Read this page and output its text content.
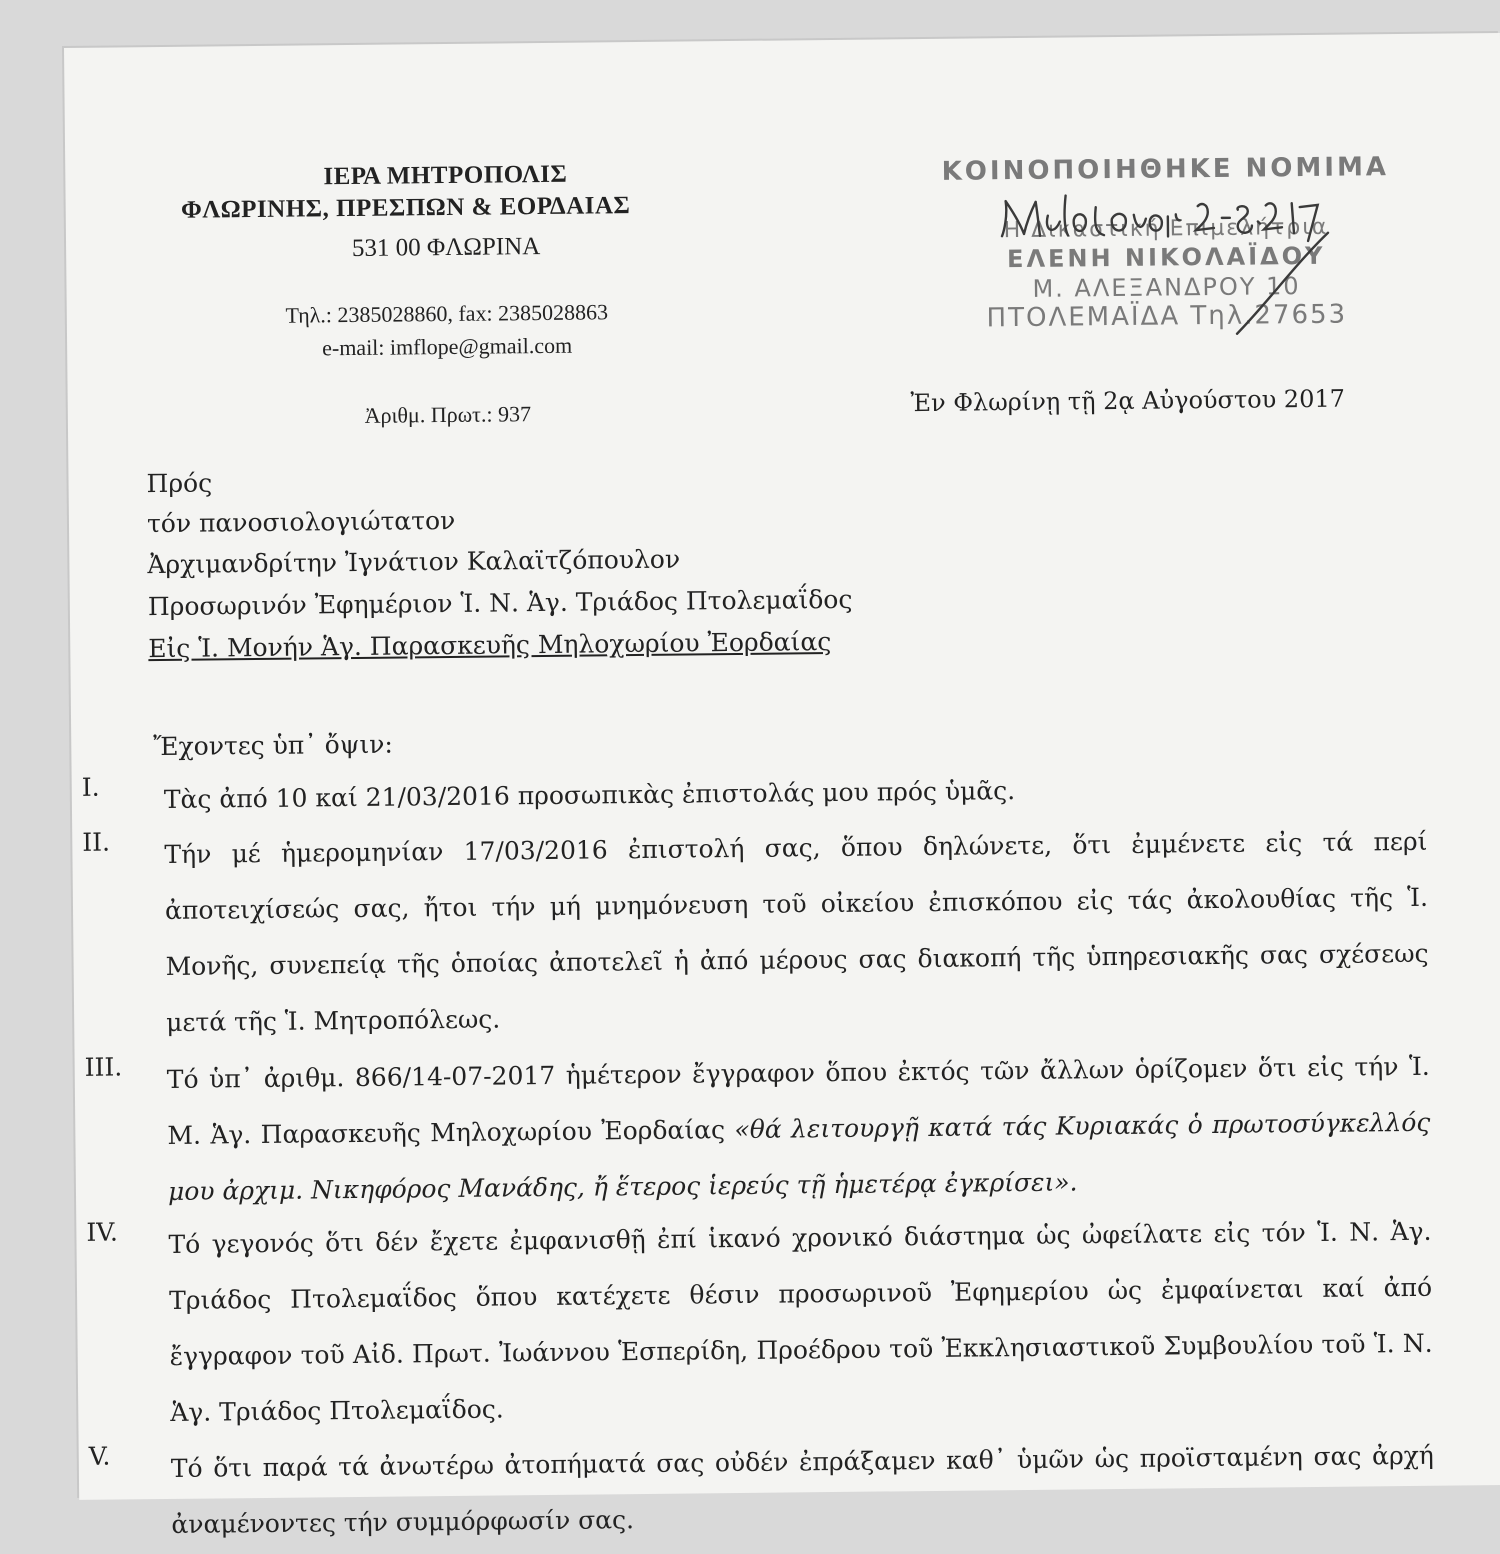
ΙΕΡΑ ΜΗΤΡΟΠΟΛΙΣ
ΦΛΩΡΙΝΗΣ, ΠΡΕΣΠΩΝ & ΕΟΡΔΑΙΑΣ
531 00 ΦΛΩΡΙΝΑ
Τηλ.: 2385028860, fax: 2385028863
e-mail: imflope@gmail.com
Ἀριθμ. Πρωτ.: 937
ΚΟΙΝΟΠΟΙΗΘΗΚΕ ΝΟΜΙΜΑ
Η Δικαστική Επιμελήτρια
ΕΛΕΝΗ ΝΙΚΟΛΑΪΔΟΥ
Μ. ΑΛΕΞΑΝΔΡΟΥ 10
ΠΤΟΛΕΜΑΪΔΑ Τηλ.27653
Ἐν Φλωρίνῃ τῇ 2ᾳ Αὐγούστου 2017
Πρός
τόν πανοσιολογιώτατον
Ἀρχιμανδρίτην Ἰγνάτιον Καλαϊτζόπουλον
Προσωρινόν Ἐφημέριον Ἱ. Ν. Ἁγ. Τριάδος Πτολεμαΐδος
Εἰς Ἱ. Μονήν Ἁγ. Παρασκευῆς Μηλοχωρίου Ἐορδαίας
Ἔχοντες ὑπ᾽ ὄψιν:
I.	Τὰς ἀπό 10 καί 21/03/2016 προσωπικὰς ἐπιστολάς μου πρός ὑμᾶς.
II.	Τήν μέ ἡμερομηνίαν 17/03/2016 ἐπιστολή σας, ὅπου δηλώνετε, ὅτι ἐμμένετε εἰς τά περί ἀποτειχίσεώς σας, ἤτοι τήν μή μνημόνευση τοῦ οἰκείου ἐπισκόπου εἰς τάς ἀκολουθίας τῆς Ἱ. Μονῆς, συνεπείᾳ τῆς ὁποίας ἀποτελεῖ ἡ ἀπό μέρους σας διακοπή τῆς ὑπηρεσιακῆς σας σχέσεως μετά τῆς Ἱ. Μητροπόλεως.
III.	Τό ὑπ᾽ ἀριθμ. 866/14-07-2017 ἡμέτερον ἔγγραφον ὅπου ἐκτός τῶν ἄλλων ὁρίζομεν ὅτι εἰς τήν Ἱ. Μ. Ἁγ. Παρασκευῆς Μηλοχωρίου Ἐορδαίας «θά λειτουργῇ κατά τάς Κυριακάς ὁ πρωτοσύγκελλός μου ἀρχιμ. Νικηφόρος Μανάδης, ἤ ἕτερος ἱερεύς τῇ ἡμετέρᾳ ἐγκρίσει».
IV.	Τό γεγονός ὅτι δέν ἔχετε ἐμφανισθῇ ἐπί ἱκανό χρονικό διάστημα ὡς ὠφείλατε εἰς τόν Ἱ. Ν. Ἁγ. Τριάδος Πτολεμαΐδος ὅπου κατέχετε θέσιν προσωρινοῦ Ἐφημερίου ὡς ἐμφαίνεται καί ἀπό ἔγγραφον τοῦ Αἰδ. Πρωτ. Ἰωάννου Ἑσπερίδη, Προέδρου τοῦ Ἐκκλησιαστικοῦ Συμβουλίου τοῦ Ἱ. Ν. Ἁγ. Τριάδος Πτολεμαΐδος.
V.	Τό ὅτι παρά τά ἀνωτέρω ἀτοπήματά σας οὐδέν ἐπράξαμεν καθ᾽ ὑμῶν ὡς προϊσταμένη σας ἀρχή ἀναμένοντες τήν συμμόρφωσίν σας.
